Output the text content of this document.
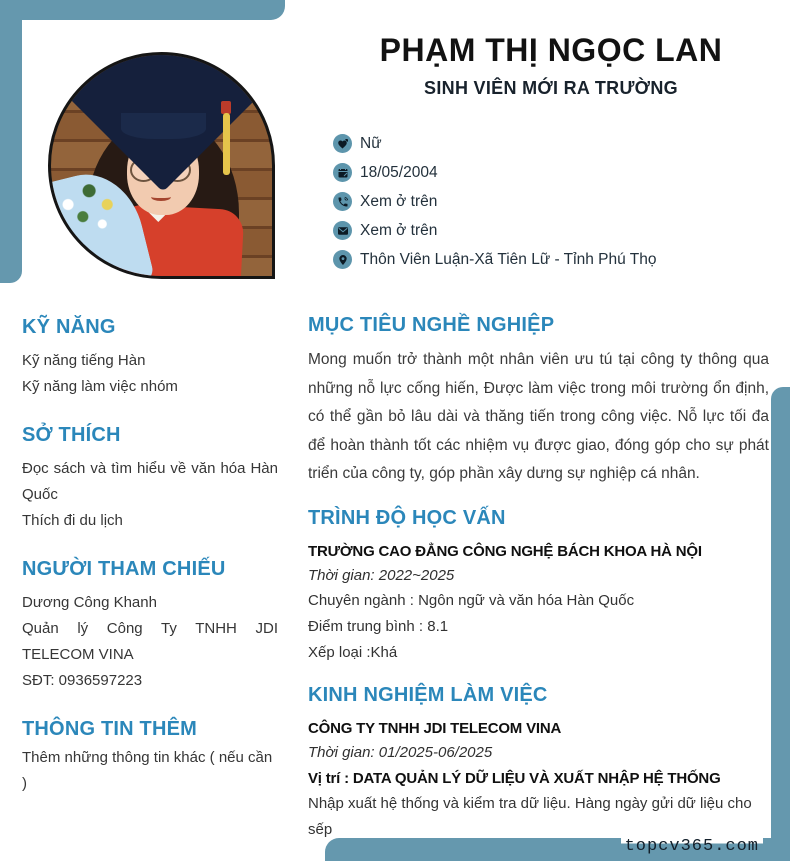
PHẠM THỊ NGỌC LAN
SINH VIÊN MỚI RA TRƯỜNG
Nữ
18/05/2004
Xem ở trên
Xem ở trên
Thôn Viên Luận-Xã Tiên Lữ - Tỉnh Phú Thọ
KỸ NĂNG
Kỹ năng tiếng Hàn
Kỹ năng làm việc nhóm
SỞ THÍCH
Đọc sách và tìm hiểu về văn hóa Hàn Quốc
Thích đi du lịch
NGƯỜI THAM CHIẾU
Dương Công Khanh
Quản lý Công Ty TNHH JDI TELECOM VINA
SĐT: 0936597223
THÔNG TIN THÊM
Thêm những thông tin khác ( nếu cần )
MỤC TIÊU NGHỀ NGHIỆP

Mong muốn trở thành một nhân viên ưu tú tại công ty thông qua những nỗ lực cống hiến, Được làm việc trong môi trường ổn định, có thể gần bỏ lâu dài và thăng tiến trong công việc. Nỗ lực tối đa để hoàn thành tốt các nhiệm vụ được giao, đóng góp cho sự phát triển của công ty, góp phần xây dưng sự nghiệp cá nhân.

TRÌNH ĐỘ HỌC VẤN
TRƯỜNG CAO ĐẲNG CÔNG NGHỆ BÁCH KHOA HÀ NỘI
Thời gian: 2022~2025
Chuyên ngành : Ngôn ngữ và văn hóa Hàn Quốc
Điểm trung bình : 8.1
Xếp loại :Khá
KINH NGHIỆM LÀM VIỆC
CÔNG TY TNHH JDI TELECOM VINA
Thời gian: 01/2025-06/2025
Vị trí : DATA QUẢN LÝ DỮ LIỆU VÀ XUẤT NHẬP HỆ THỐNG
Nhập xuất hệ thống và kiểm tra dữ liệu. Hàng ngày gửi dữ liệu cho sếp
topcv365.com
